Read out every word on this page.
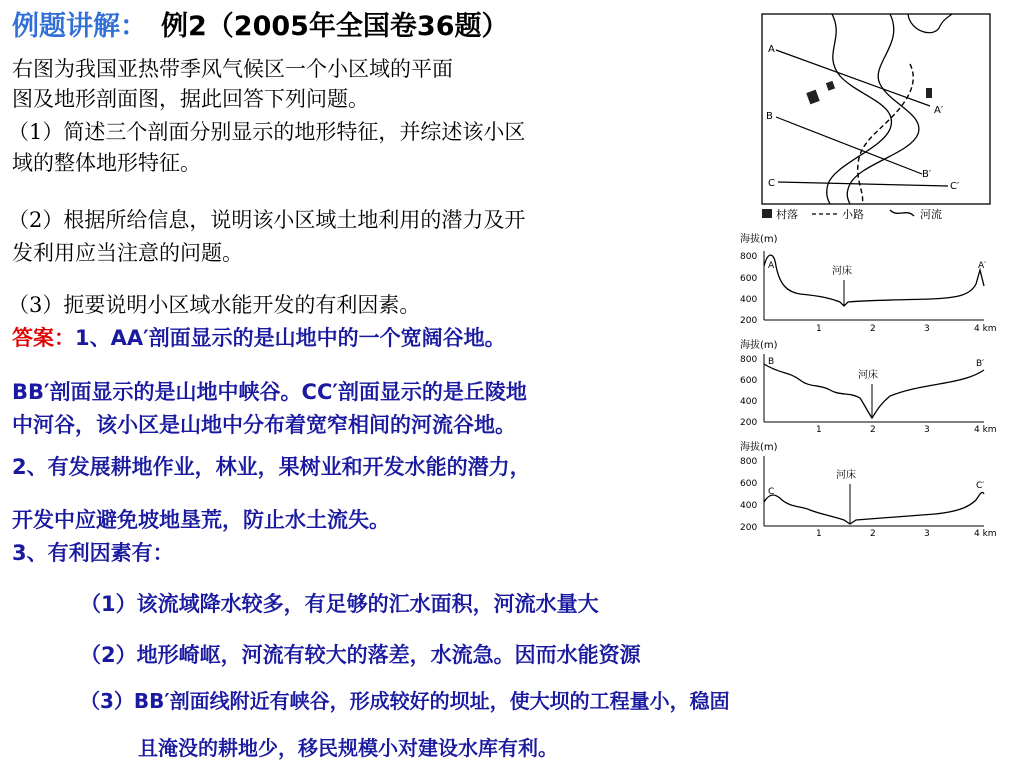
例题讲解： 例2（2005年全国卷36题）
右图为我国亚热带季风气候区一个小区域的平面
图及地形剖面图，据此回答下列问题。
（1）简述三个剖面分别显示的地形特征，并综述该小区
域的整体地形特征。
（2）根据所给信息，说明该小区域土地利用的潜力及开
发利用应当注意的问题。
（3）扼要说明小区域水能开发的有利因素。
答案：1、AA′剖面显示的是山地中的一个宽阔谷地。
BB′剖面显示的是山地中峡谷。CC′剖面显示的是丘陵地
中河谷，该小区是山地中分布着宽窄相间的河流谷地。
2、有发展耕地作业，林业，果树业和开发水能的潜力，
开发中应避免坡地垦荒，防止水土流失。
3、有利因素有：
（1）该流域降水较多，有足够的汇水面积，河流水量大
（2）地形崎岖，河流有较大的落差，水流急。因而水能资源
（3）BB′剖面线附近有峡谷，形成较好的坝址，使大坝的工程量小，稳固
且淹没的耕地少，移民规模小对建设水库有利。
A
A′
B
B′
C	C′
村落	小路	河流
海拔(m)
800
600
400
200
河床
A	A′
1	2	3	4 km
海拔(m)
800
600
400
200
河床
B	B′
1	2	3	4 km
海拔(m)
800
600
400
200
河床
C
C′
1	2	3	4 km
